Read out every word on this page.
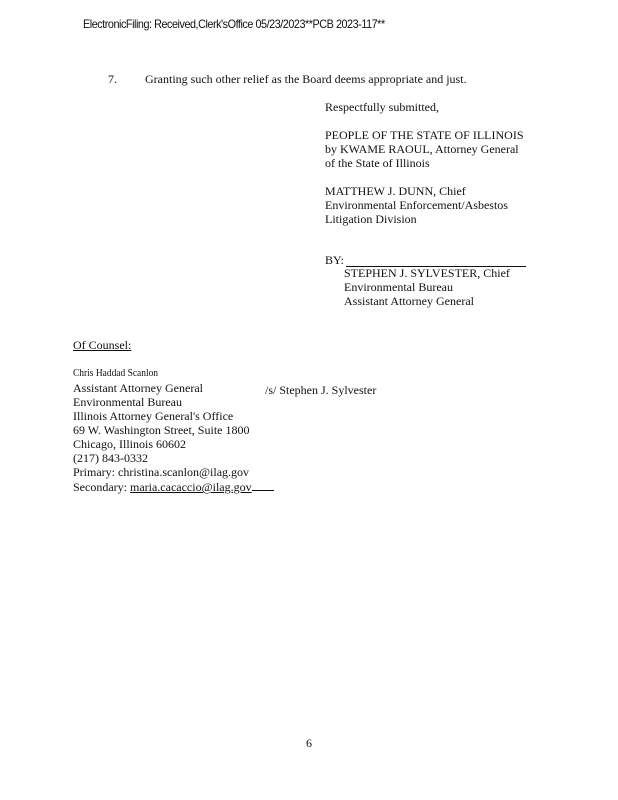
ElectronicFiling: Received,Clerk'sOffice 05/23/2023**PCB 2023-117**
7. Granting such other relief as the Board deems appropriate and just.
Respectfully submitted,
PEOPLE OF THE STATE OF ILLINOIS
by KWAME RAOUL, Attorney General
of the State of Illinois
MATTHEW J. DUNN, Chief
Environmental Enforcement/Asbestos
Litigation Division
BY:
STEPHEN J. SYLVESTER, Chief
Environmental Bureau
Assistant Attorney General
Of Counsel:
Chris Haddad Scanlon
Assistant Attorney General
Environmental Bureau
Illinois Attorney General's Office
69 W. Washington Street, Suite 1800
Chicago, Illinois 60602
(217) 843-0332
Primary: christina.scanlon@ilag.gov
Secondary: maria.cacaccio@ilag.gov
/s/ Stephen J. Sylvester
6
